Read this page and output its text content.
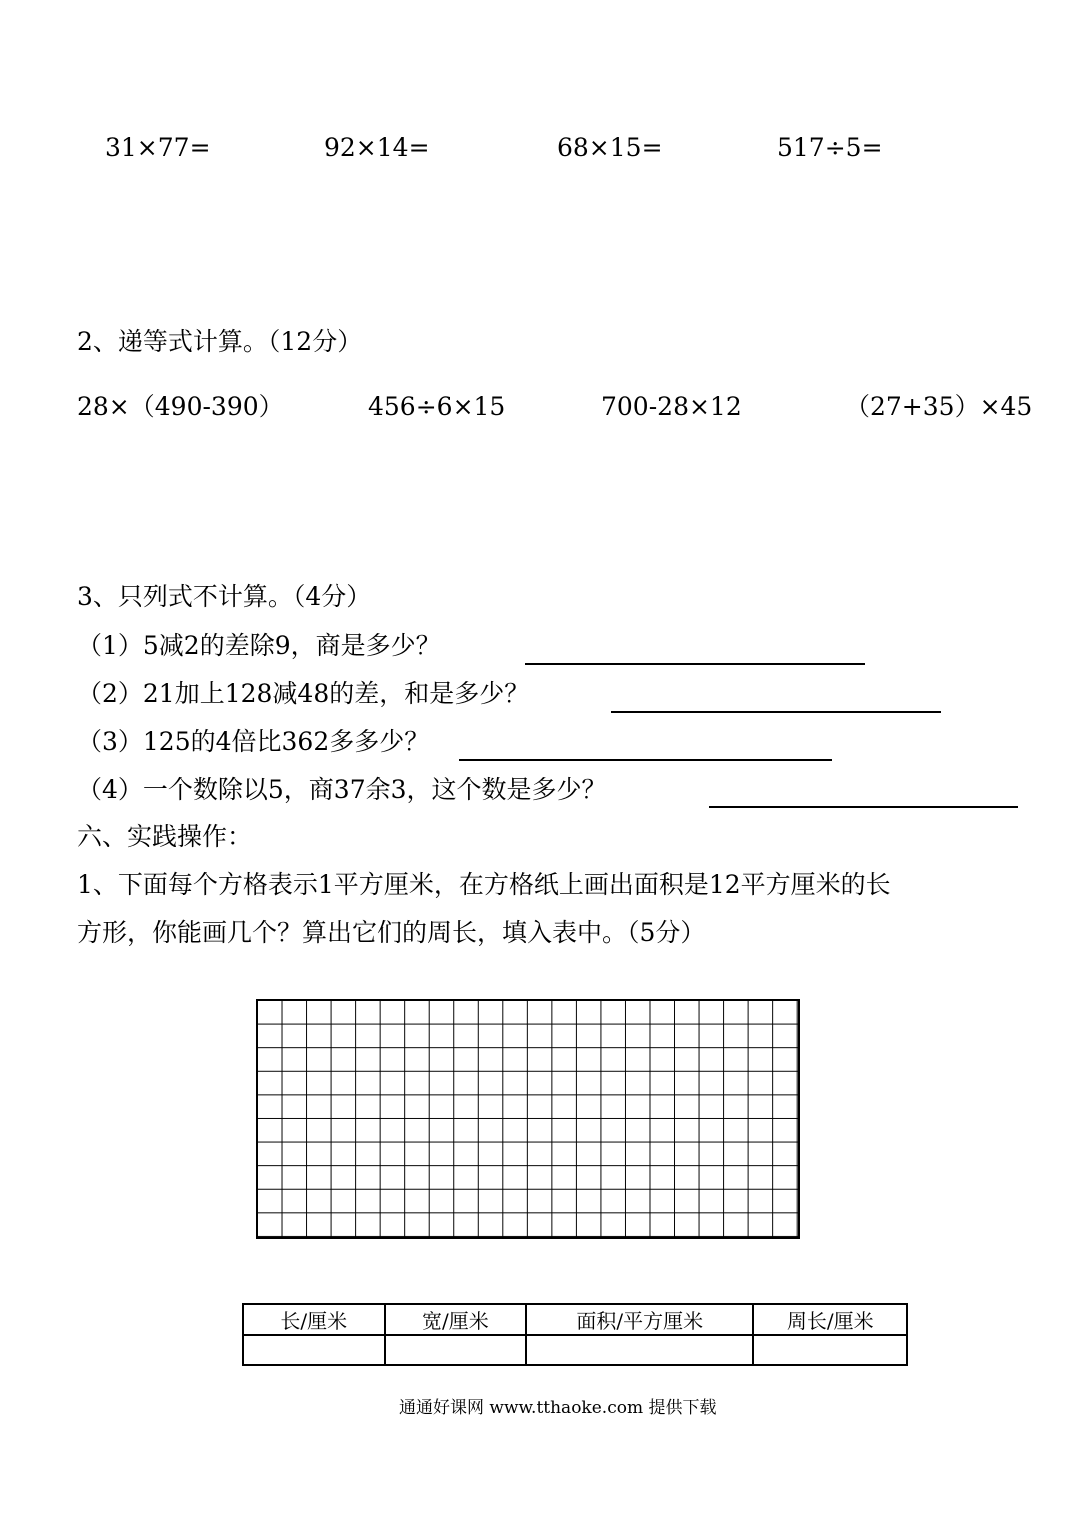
31×77=	92×14=	68×15=	517÷5=
2、递等式计算。（12分）
28×（490-390）	456÷6×15	700-28×12	（27+35）×45
3、只列式不计算。（4分）
（1）5减2的差除9，商是多少？
（2）21加上128减48的差，和是多少？
（3）125的4倍比362多多少？
（4）一个数除以5，商37余3，这个数是多少？
六、实践操作：
1、下面每个方格表示1平方厘米，在方格纸上画出面积是12平方厘米的长
方形，你能画几个？算出它们的周长，填入表中。（5分）
长/厘米	宽/厘米	面积/平方厘米	周长/厘米

通通好课网 www.tthaoke.com 提供下载
